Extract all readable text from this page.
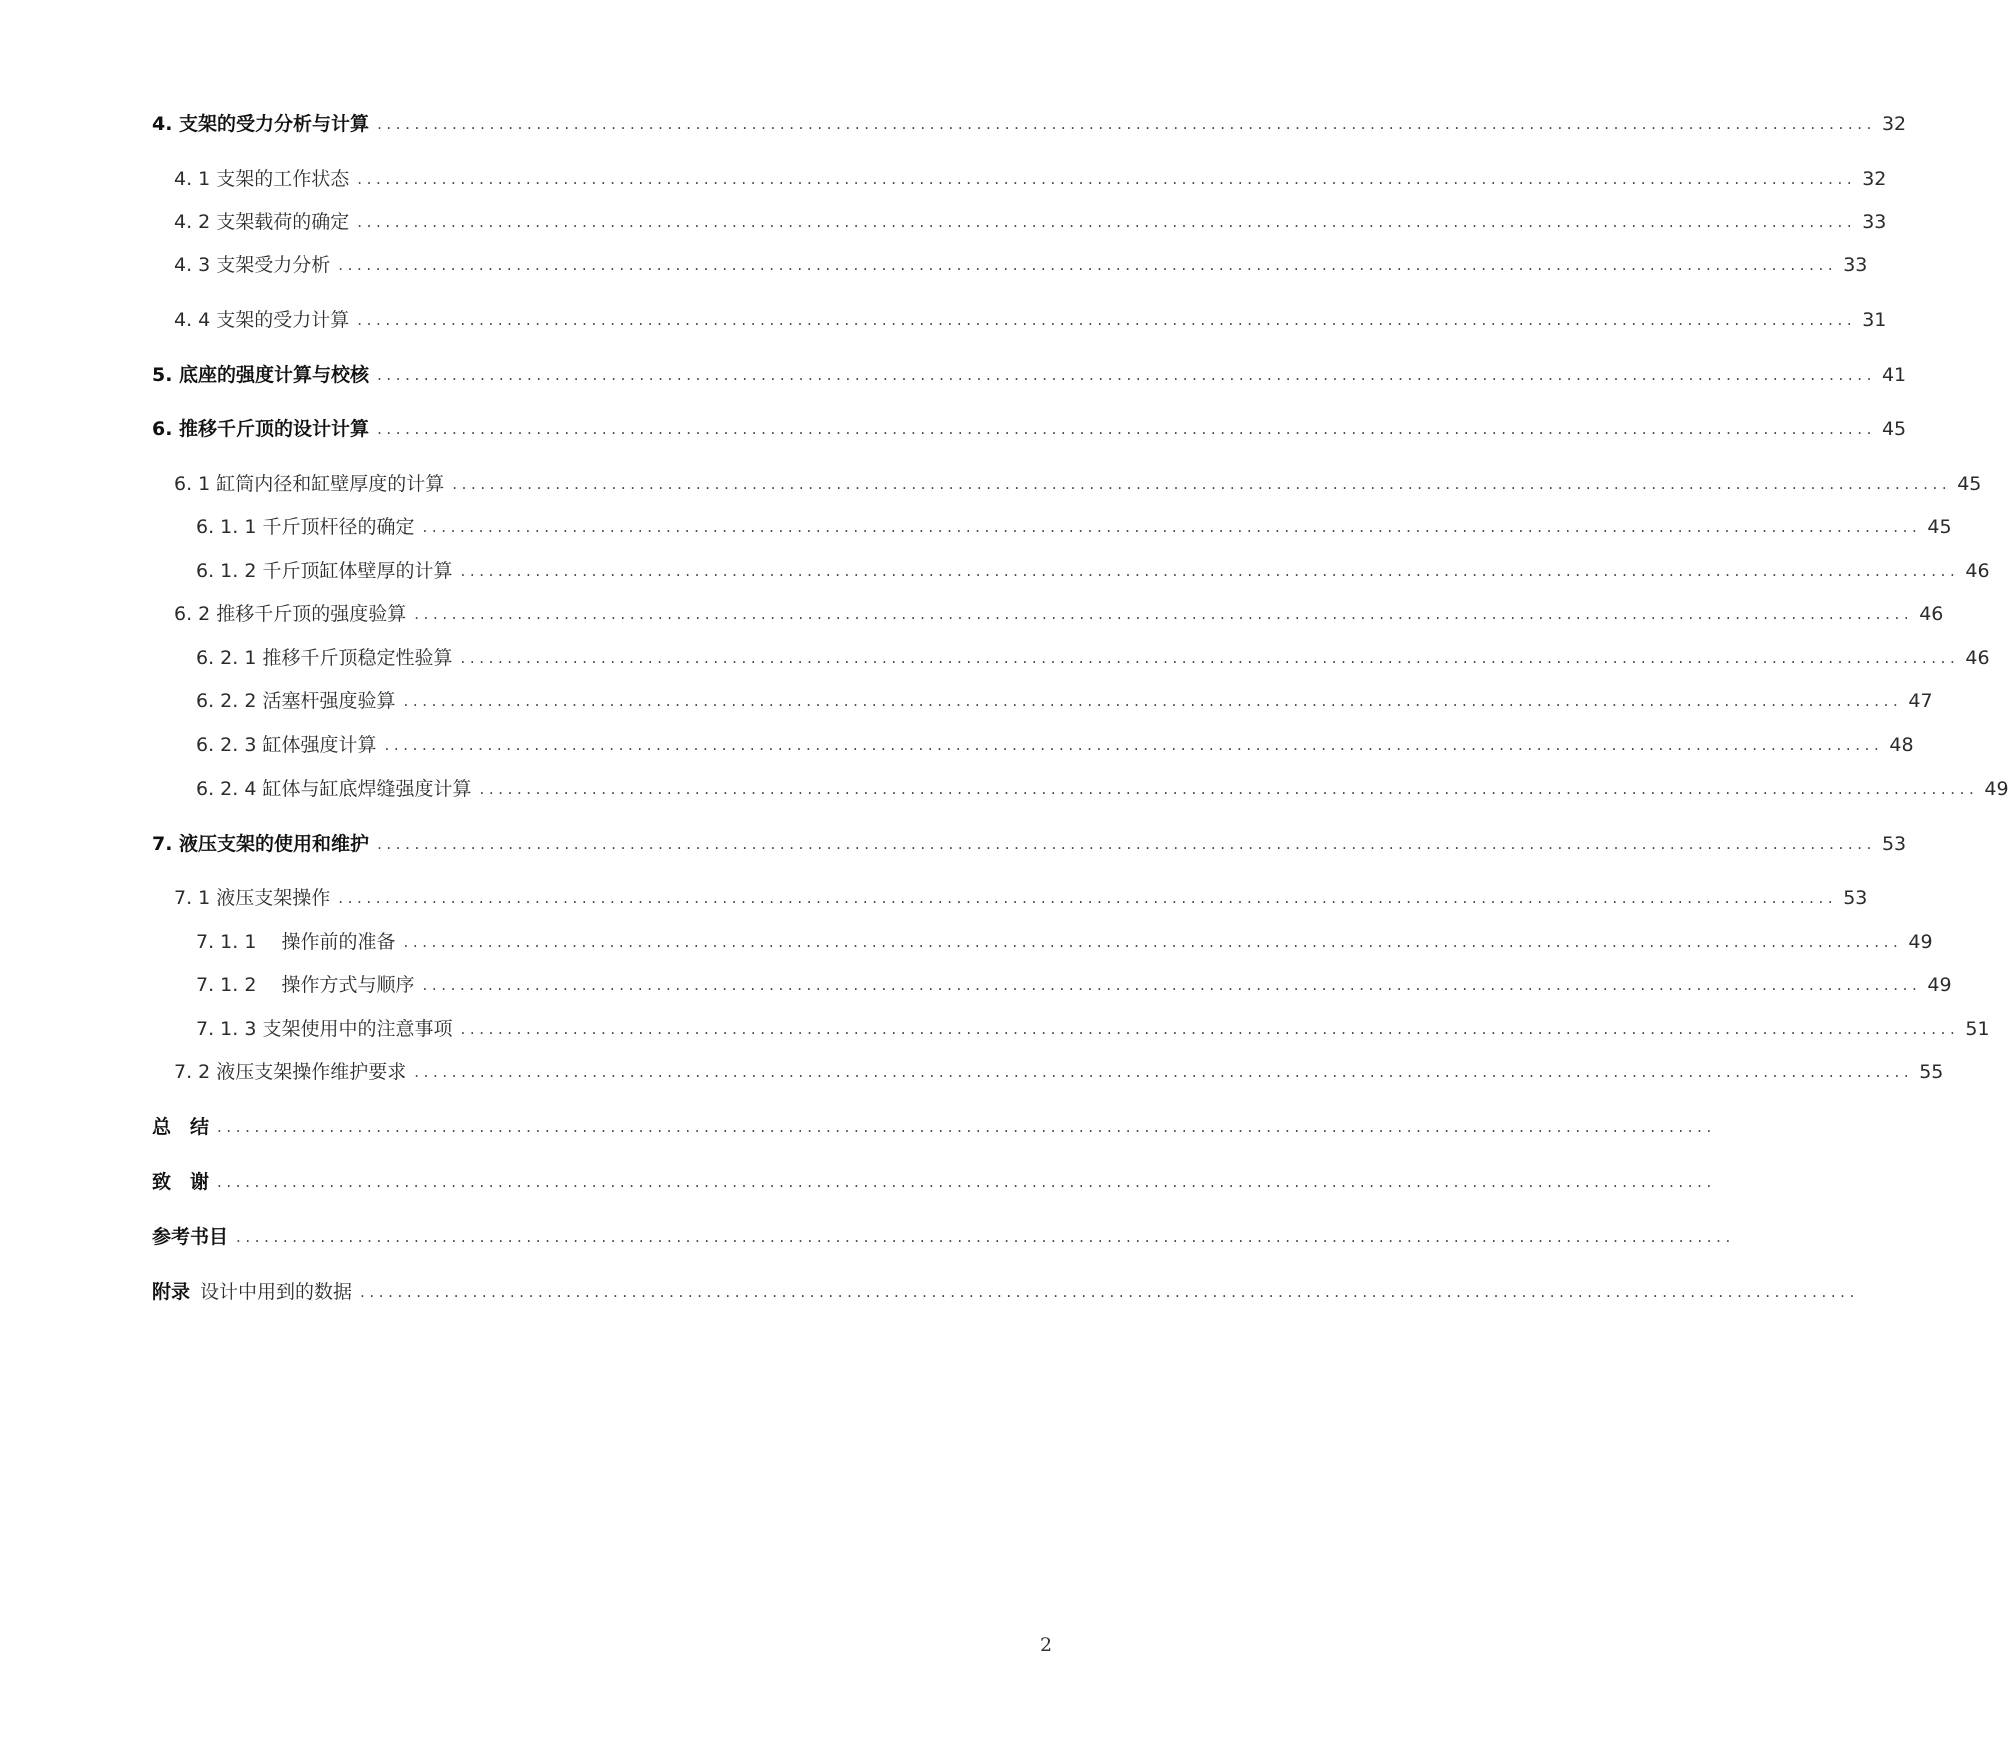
4. 支架的受力分析与计算 ................................................................................................................................................................ 32
4. 1 支架的工作状态 ................................................................................................................................................................ 32
4. 2 支架载荷的确定 ................................................................................................................................................................ 33
4. 3 支架受力分析 ................................................................................................................................................................ 33
4. 4 支架的受力计算 ................................................................................................................................................................ 31
5. 底座的强度计算与校核 ................................................................................................................................................................ 41
6. 推移千斤顶的设计计算 ................................................................................................................................................................ 45
6. 1 缸筒内径和缸壁厚度的计算 ................................................................................................................................................................ 45
6. 1. 1 千斤顶杆径的确定 ................................................................................................................................................................ 45
6. 1. 2 千斤顶缸体壁厚的计算 ................................................................................................................................................................ 46
6. 2 推移千斤顶的强度验算 ................................................................................................................................................................ 46
6. 2. 1 推移千斤顶稳定性验算 ................................................................................................................................................................ 46
6. 2. 2 活塞杆强度验算 ................................................................................................................................................................ 47
6. 2. 3 缸体强度计算 ................................................................................................................................................................ 48
6. 2. 4 缸体与缸底焊缝强度计算 ................................................................................................................................................................ 49
7. 液压支架的使用和维护 ................................................................................................................................................................ 53
7. 1 液压支架操作 ................................................................................................................................................................ 53
7. 1. 1　 操作前的准备 ................................................................................................................................................................ 49
7. 1. 2　 操作方式与顺序 ................................................................................................................................................................ 49
7. 1. 3 支架使用中的注意事项 ................................................................................................................................................................ 51
7. 2 液压支架操作维护要求 ................................................................................................................................................................ 55
总　结 ................................................................................................................................................................
致　谢 ................................................................................................................................................................
参考书目 ................................................................................................................................................................
附录 设计中用到的数据 ................................................................................................................................................................
2
